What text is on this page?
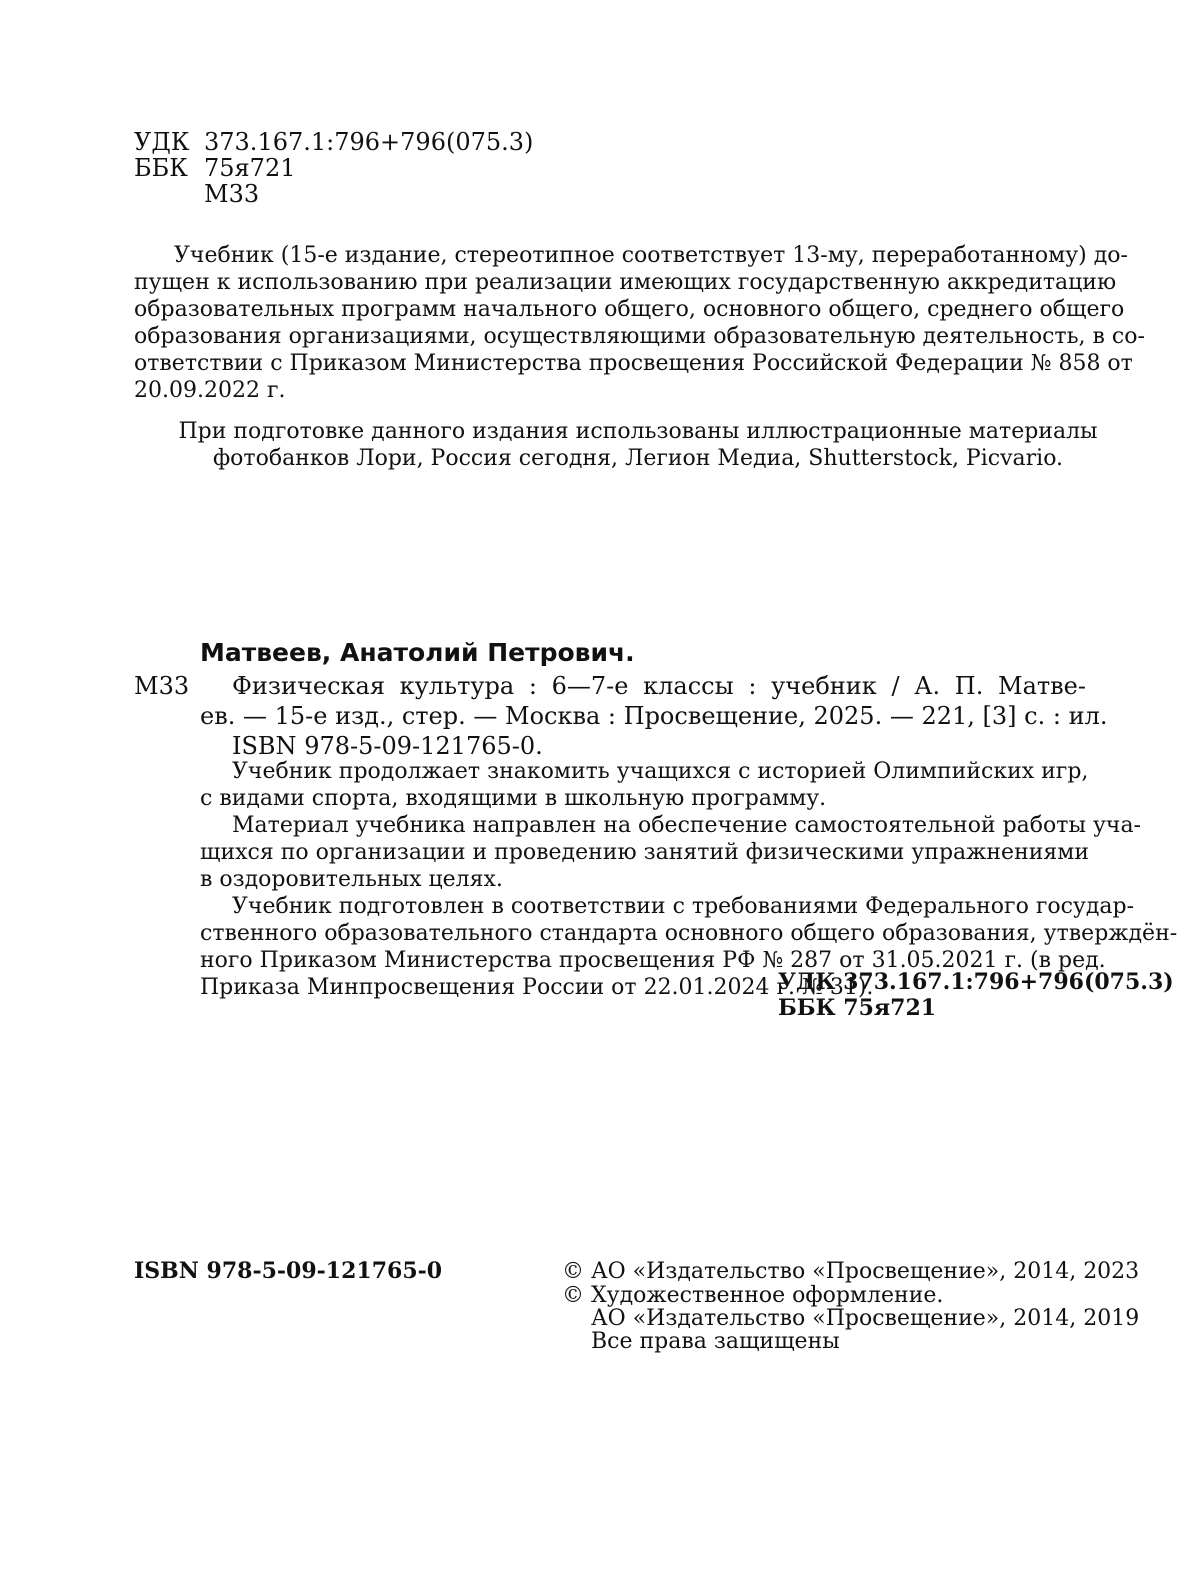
УДК 373.167.1:796+796(075.3)
ББК 75я721
М33
Учебник (15-е издание, стереотипное соответствует 13-му, переработанному) до-
пущен к использованию при реализации имеющих государственную аккредитацию
образовательных программ начального общего, основного общего, среднего общего
образования организациями, осуществляющими образовательную деятельность, в со-
ответствии с Приказом Министерства просвещения Российской Федерации № 858 от
20.09.2022 г.
При подготовке данного издания использованы иллюстрационные материалы
фотобанков Лори, Россия сегодня, Легион Медиа, Shutterstock, Picvario.
Матвеев, Анатолий Петрович.
М33	Физическая культура : 6—7-е классы : учебник / А. П. Матве-
ев. — 15-е изд., стер. — Москва : Просвещение, 2025. — 221, [3] с. : ил.
ISBN 978-5-09-121765-0.
Учебник продолжает знакомить учащихся с историей Олимпийских игр,
с видами спорта, входящими в школьную программу.
Материал учебника направлен на обеспечение самостоятельной работы уча-
щихся по организации и проведению занятий физическими упражнениями
в оздоровительных целях.
Учебник подготовлен в соответствии с требованиями Федерального государ-
ственного образовательного стандарта основного общего образования, утверждён-
ного Приказом Министерства просвещения РФ № 287 от 31.05.2021 г. (в ред.
Приказа Минпросвещения России от 22.01.2024 г. № 31).
УДК 373.167.1:796+796(075.3)
ББК 75я721
ISBN 978-5-09-121765-0	© АО «Издательство «Просвещение», 2014, 2023
© Художественное оформление.
АО «Издательство «Просвещение», 2014, 2019
Все права защищены
